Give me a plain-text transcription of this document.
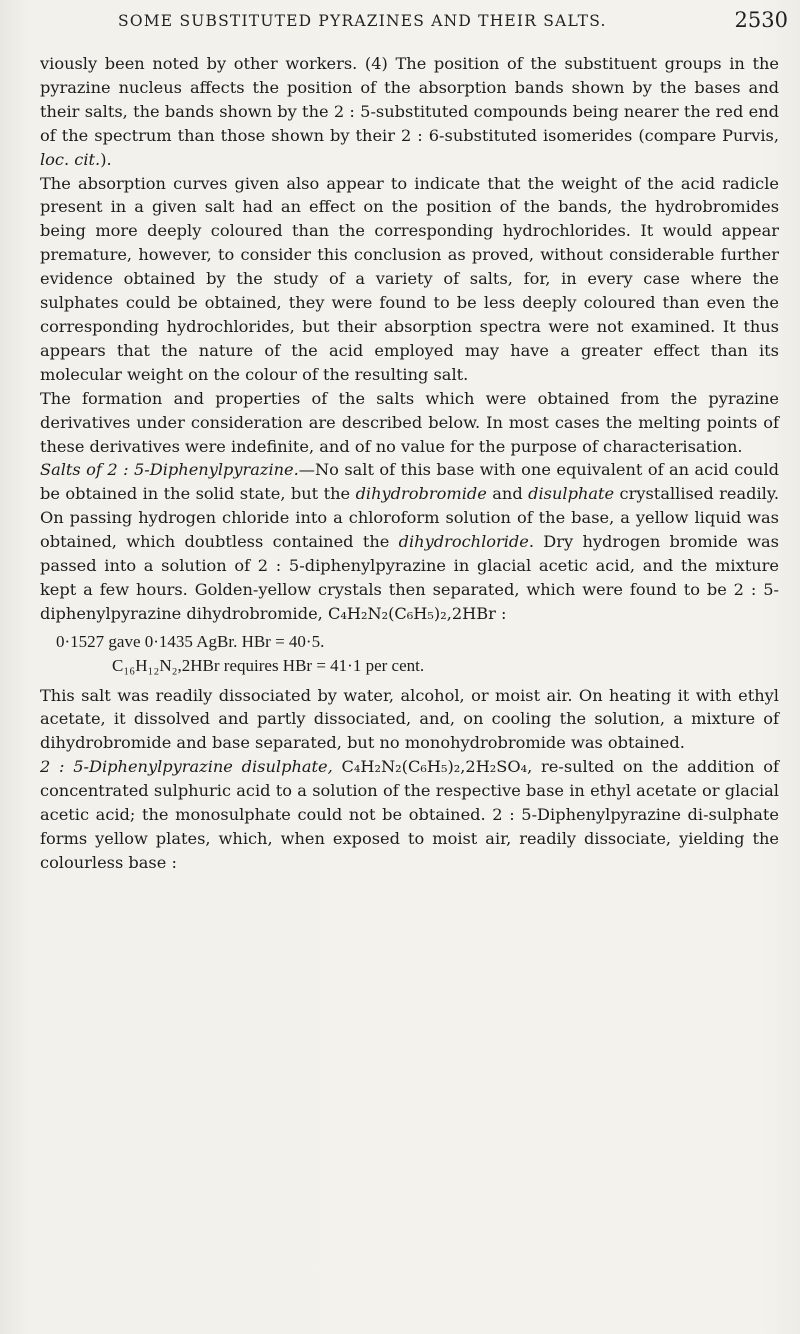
SOME SUBSTITUTED PYRAZINES AND THEIR SALTS.	2530

viously been noted by other workers. (4) The position of the substituent groups in the pyrazine nucleus affects the position of the absorption bands shown by the bases and their salts, the bands shown by the 2 : 5-substituted compounds being nearer the red end of the spectrum than those shown by their 2 : 6-substituted isomerides (compare Purvis, loc. cit.).

The absorption curves given also appear to indicate that the weight of the acid radicle present in a given salt had an effect on the position of the bands, the hydrobromides being more deeply coloured than the corresponding hydrochlorides. It would appear premature, however, to consider this conclusion as proved, without considerable further evidence obtained by the study of a variety of salts, for, in every case where the sulphates could be obtained, they were found to be less deeply coloured than even the corresponding hydrochlorides, but their absorption spectra were not examined. It thus appears that the nature of the acid employed may have a greater effect than its molecular weight on the colour of the resulting salt.

The formation and properties of the salts which were obtained from the pyrazine derivatives under consideration are described below. In most cases the melting points of these derivatives were indefinite, and of no value for the purpose of characterisation.

Salts of 2 : 5-Diphenylpyrazine.—No salt of this base with one equivalent of an acid could be obtained in the solid state, but the dihydrobromide and disulphate crystallised readily. On passing hydrogen chloride into a chloroform solution of the base, a yellow liquid was obtained, which doubtless contained the dihydrochloride. Dry hydrogen bromide was passed into a solution of 2 : 5-diphenylpyrazine in glacial acetic acid, and the mixture kept a few hours. Golden-yellow crystals then separated, which were found to be 2 : 5-diphenylpyrazine dihydrobromide, C₄H₂N₂(C₆H₅)₂,2HBr :

0·1527 gave 0·1435 AgBr. HBr = 40·5.
C₁₆H₁₂N₂,2HBr requires HBr = 41·1 per cent.

This salt was readily dissociated by water, alcohol, or moist air. On heating it with ethyl acetate, it dissolved and partly dissociated, and, on cooling the solution, a mixture of dihydrobromide and base separated, but no monohydrobromide was obtained.

2 : 5-Diphenylpyrazine disulphate, C₄H₂N₂(C₆H₅)₂,2H₂SO₄, re-sulted on the addition of concentrated sulphuric acid to a solution of the respective base in ethyl acetate or glacial acetic acid; the monosulphate could not be obtained. 2 : 5-Diphenylpyrazine di-sulphate forms yellow plates, which, when exposed to moist air, readily dissociate, yielding the colourless base :
